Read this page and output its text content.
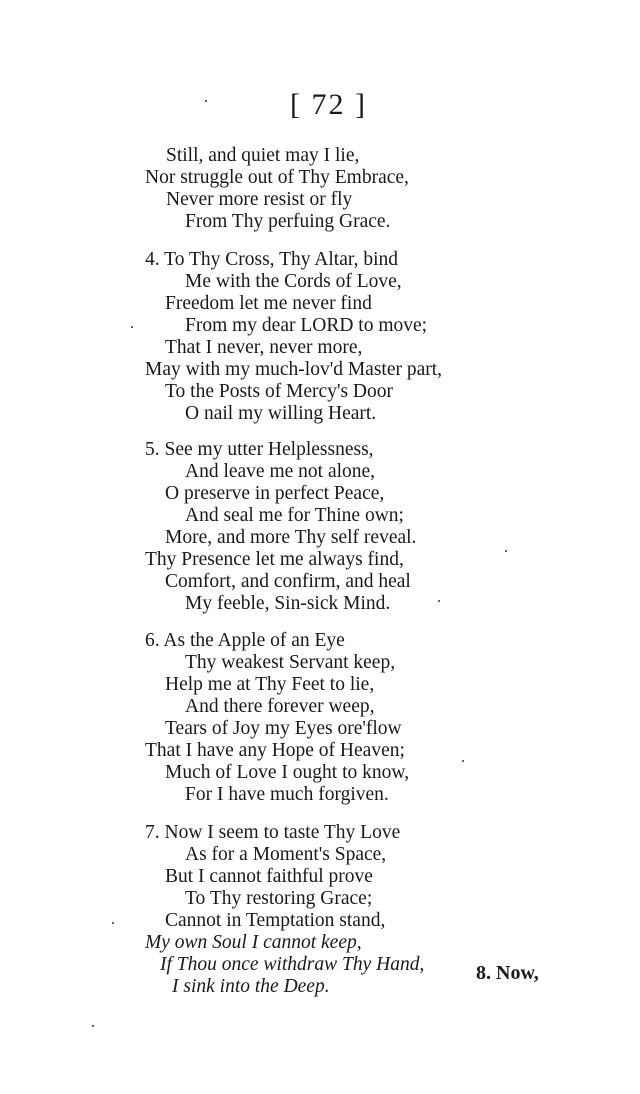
[ 72 ]
Still, and quiet may I lie,
Nor struggle out of Thy Embrace,
Never more resist or fly
From Thy perfuing Grace.
4. To Thy Cross, Thy Altar, bind
Me with the Cords of Love,
Freedom let me never find
From my dear LORD to move;
That I never, never more,
May with my much-lov'd Master part,
To the Posts of Mercy's Door
O nail my willing Heart.
5. See my utter Helplessness,
And leave me not alone,
O preserve in perfect Peace,
And seal me for Thine own;
More, and more Thy self reveal.
Thy Presence let me always find,
Comfort, and confirm, and heal
My feeble, Sin-sick Mind.
6. As the Apple of an Eye
Thy weakest Servant keep,
Help me at Thy Feet to lie,
And there forever weep,
Tears of Joy my Eyes ore'flow
That I have any Hope of Heaven;
Much of Love I ought to know,
For I have much forgiven.
7. Now I seem to taste Thy Love
As for a Moment's Space,
But I cannot faithful prove
To Thy restoring Grace;
Cannot in Temptation stand,
My own Soul I cannot keep,
If Thou once withdraw Thy Hand,
I sink into the Deep.
8. Now,
